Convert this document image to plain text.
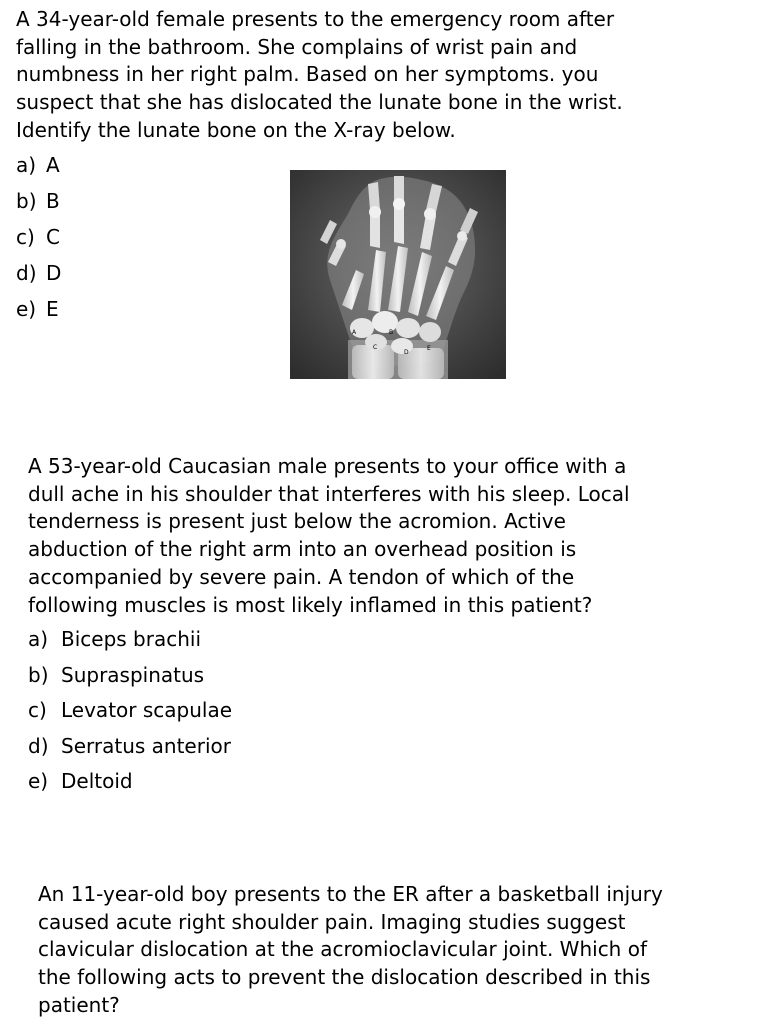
A 34-year-old female presents to the emergency room after
falling in the bathroom. She complains of wrist pain and
numbness in her right palm. Based on her symptoms. you
suspect that she has dislocated the lunate bone in the wrist.
Identify the lunate bone on the X-ray below.

a) A
b) B
c) C
d) D
e) E
A	B
C
D
E

A 53-year-old Caucasian male presents to your office with a
dull ache in his shoulder that interferes with his sleep. Local
tenderness is present just below the acromion. Active
abduction of the right arm into an overhead position is
accompanied by severe pain. A tendon of which of the
following muscles is most likely inflamed in this patient?

a) Biceps brachii
b) Supraspinatus
c) Levator scapulae
d) Serratus anterior
e) Deltoid

An 11-year-old boy presents to the ER after a basketball injury
caused acute right shoulder pain. Imaging studies suggest
clavicular dislocation at the acromioclavicular joint. Which of
the following acts to prevent the dislocation described in this
patient?
